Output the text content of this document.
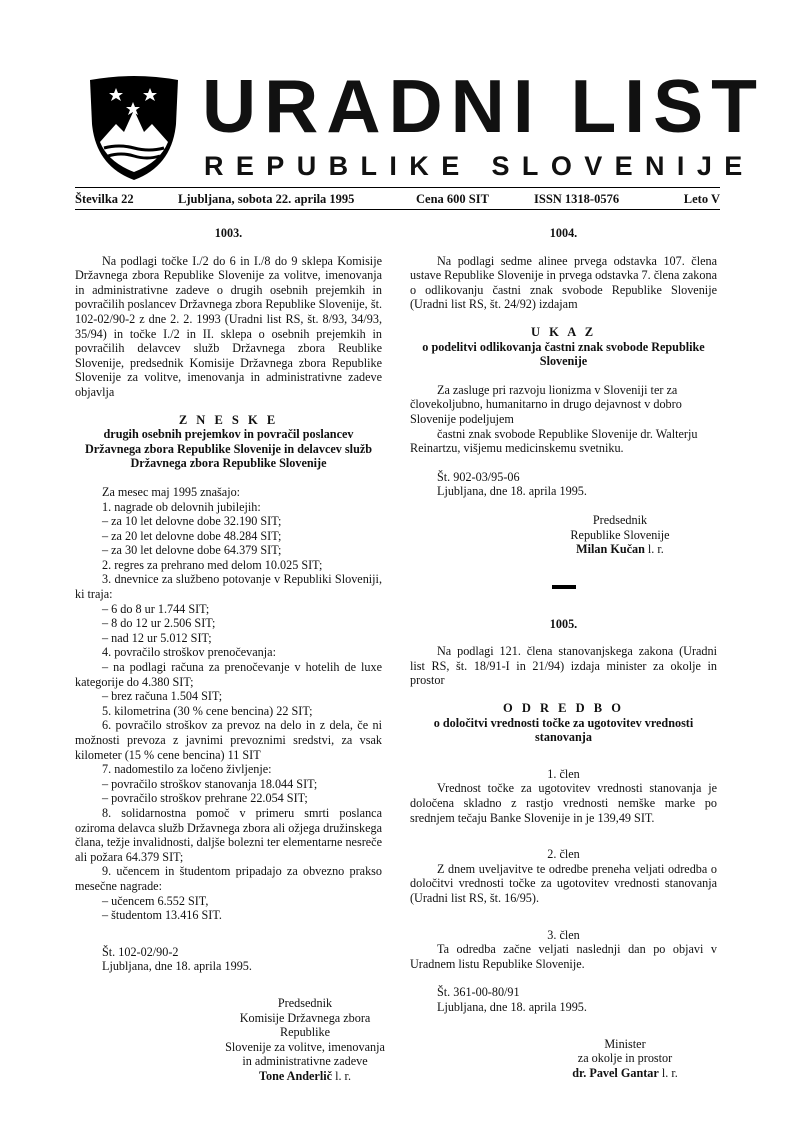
URADNI LIST
REPUBLIKE SLOVENIJE
Številka 22	Ljubljana, sobota 22. aprila 1995	Cena 600 SIT	ISSN 1318-0576	Leto V

1003.

Na podlagi točke I./2 do 6 in I./8 do 9 sklepa Komisije Državnega zbora Republike Slovenije za volitve, imenovanja in administrativne zadeve o drugih osebnih prejemkih in povračilih poslancev Državnega zbora Republike Slovenije, št. 102-02/90-2 z dne 2. 2. 1993 (Uradni list RS, št. 8/93, 34/93, 35/94) in točke I./2 in II. sklepa o osebnih prejemkih in povračilih delavcev služb Državnega zbora Reublike Slovenije, predsednik Komisije Državnega zbora Republike Slovenije za volitve, imenovanja in administrativne zadeve objavlja

Z N E S K E

drugih osebnih prejemkov in povračil poslancev Državnega zbora Republike Slovenije in delavcev služb Državnega zbora Republike Slovenije

Za mesec maj 1995 znašajo:

1. nagrade ob delovnih jubilejih:

– za 10 let delovne dobe 32.190 SIT;

– za 20 let delovne dobe 48.284 SIT;

– za 30 let delovne dobe 64.379 SIT;

2. regres za prehrano med delom 10.025 SIT;

3. dnevnice za službeno potovanje v Republiki Sloveniji, ki traja:

– 6 do 8 ur 1.744 SIT;

– 8 do 12 ur 2.506 SIT;

– nad 12 ur 5.012 SIT;

4. povračilo stroškov prenočevanja:

– na podlagi računa za prenočevanje v hotelih de luxe kategorije do 4.380 SIT;

– brez računa 1.504 SIT;

5. kilometrina (30 % cene bencina) 22 SIT;

6. povračilo stroškov za prevoz na delo in z dela, če ni možnosti prevoza z javnimi prevoznimi sredstvi, za vsak kilometer (15 % cene bencina) 11 SIT

7. nadomestilo za ločeno življenje:

– povračilo stroškov stanovanja 18.044 SIT;

– povračilo stroškov prehrane 22.054 SIT;

8. solidarnostna pomoč v primeru smrti poslanca oziroma delavca služb Državnega zbora ali ožjega družinskega člana, težje invalidnosti, daljše bolezni ter elementarne nesreče ali požara 64.379 SIT;

9. učencem in študentom pripadajo za obvezno prakso mesečne nagrade:

– učencem 6.552 SIT,

– študentom 13.416 SIT.

Št. 102-02/90-2

Ljubljana, dne 18. aprila 1995.

Predsednik

Komisije Državnega zbora

Republike

Slovenije za volitve, imenovanja

in administrativne zadeve

Tone Anderlič l. r.

1004.

Na podlagi sedme alinee prvega odstavka 107. člena ustave Republike Slovenije in prvega odstavka 7. člena zakona o odlikovanju častni znak svobode Republike Slovenije (Uradni list RS, št. 24/92) izdajam

U K A Z

o podelitvi odlikovanja častni znak svobode Republike Slovenije

Za zasluge pri razvoju lionizma v Sloveniji ter za človekoljubno, humanitarno in drugo dejavnost v dobro Slovenije podeljujem

častni znak svobode Republike Slovenije dr. Walterju Reinartzu, višjemu medicinskemu svetniku.

Št. 902-03/95-06

Ljubljana, dne 18. aprila 1995.

Predsednik

Republike Slovenije

Milan Kučan l. r.

1005.

Na podlagi 121. člena stanovanjskega zakona (Uradni list RS, št. 18/91-I in 21/94) izdaja minister za okolje in prostor

O D R E D B O

o določitvi vrednosti točke za ugotovitev vrednosti stanovanja

1. člen

Vrednost točke za ugotovitev vrednosti stanovanja je določena skladno z rastjo vrednosti nemške marke po srednjem tečaju Banke Slovenije in je 139,49 SIT.

2. člen

Z dnem uveljavitve te odredbe preneha veljati odredba o določitvi vrednosti točke za ugotovitev vrednosti stanovanja (Uradni list RS, št. 16/95).

3. člen

Ta odredba začne veljati naslednji dan po objavi v Uradnem listu Republike Slovenije.

Št. 361-00-80/91

Ljubljana, dne 18. aprila 1995.

Minister

za okolje in prostor

dr. Pavel Gantar l. r.
